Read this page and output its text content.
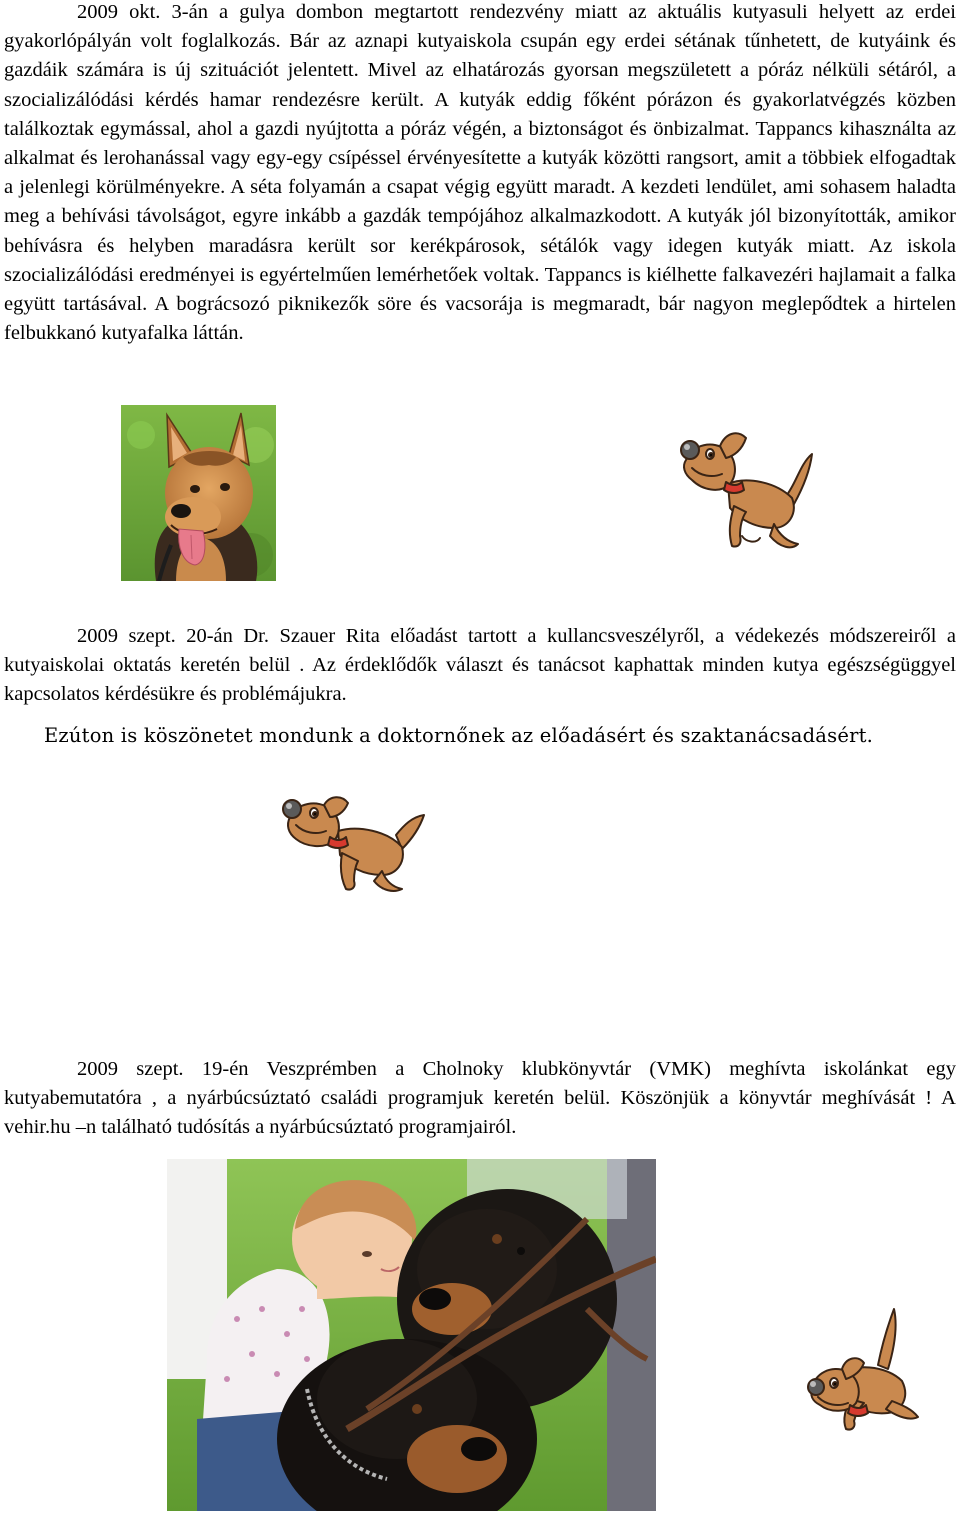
2009 okt. 3-án a gulya dombon megtartott rendezvény miatt az aktuális kutyasuli helyett az erdei gyakorlópályán volt foglalkozás. Bár az aznapi kutyaiskola csupán egy erdei sétának tűnhetett, de kutyáink és gazdáik számára is új szituációt jelentett. Mivel az elhatározás gyorsan megszületett a póráz nélküli sétáról, a szocializálódási kérdés hamar rendezésre került. A kutyák eddig főként pórázon és gyakorlatvégzés közben találkoztak egymással, ahol a gazdi nyújtotta a póráz végén, a biztonságot és önbizalmat. Tappancs kihasználta az alkalmat és lerohanással vagy egy-egy csípéssel érvényesítette a kutyák közötti rangsort, amit a többiek elfogadtak a jelenlegi körülményekre. A séta folyamán a csapat végig együtt maradt. A kezdeti lendület, ami sohasem haladta meg a behívási távolságot, egyre inkább a gazdák tempójához alkalmazkodott. A kutyák jól bizonyították, amikor behívásra és helyben maradásra került sor kerékpárosok, sétálók vagy idegen kutyák miatt. Az iskola szocializálódási eredményei is egyértelműen lemérhetőek voltak. Tappancs is kiélhette falkavezéri hajlamait a falka együtt tartásával. A bográcsozó piknikezők söre és vacsorája is megmaradt, bár nagyon meglepődtek a hirtelen felbukkanó kutyafalka láttán.

2009 szept. 20-án Dr. Szauer Rita előadást tartott a kullancsveszélyről, a védekezés módszereiről a kutyaiskolai oktatás keretén belül . Az érdeklődők választ és tanácsot kaphattak minden kutya egészségüggyel kapcsolatos kérdésükre és problémájukra.

Ezúton is köszönetet mondunk a doktornőnek az előadásért és szaktanácsadásért.

2009 szept. 19-én Veszprémben a Cholnoky klubkönyvtár (VMK) meghívta iskolánkat egy kutyabemutatóra , a nyárbúcsúztató családi programjuk keretén belül. Köszönjük a könyvtár meghívását ! A vehir.hu –n található tudósítás a nyárbúcsúztató programjairól.
